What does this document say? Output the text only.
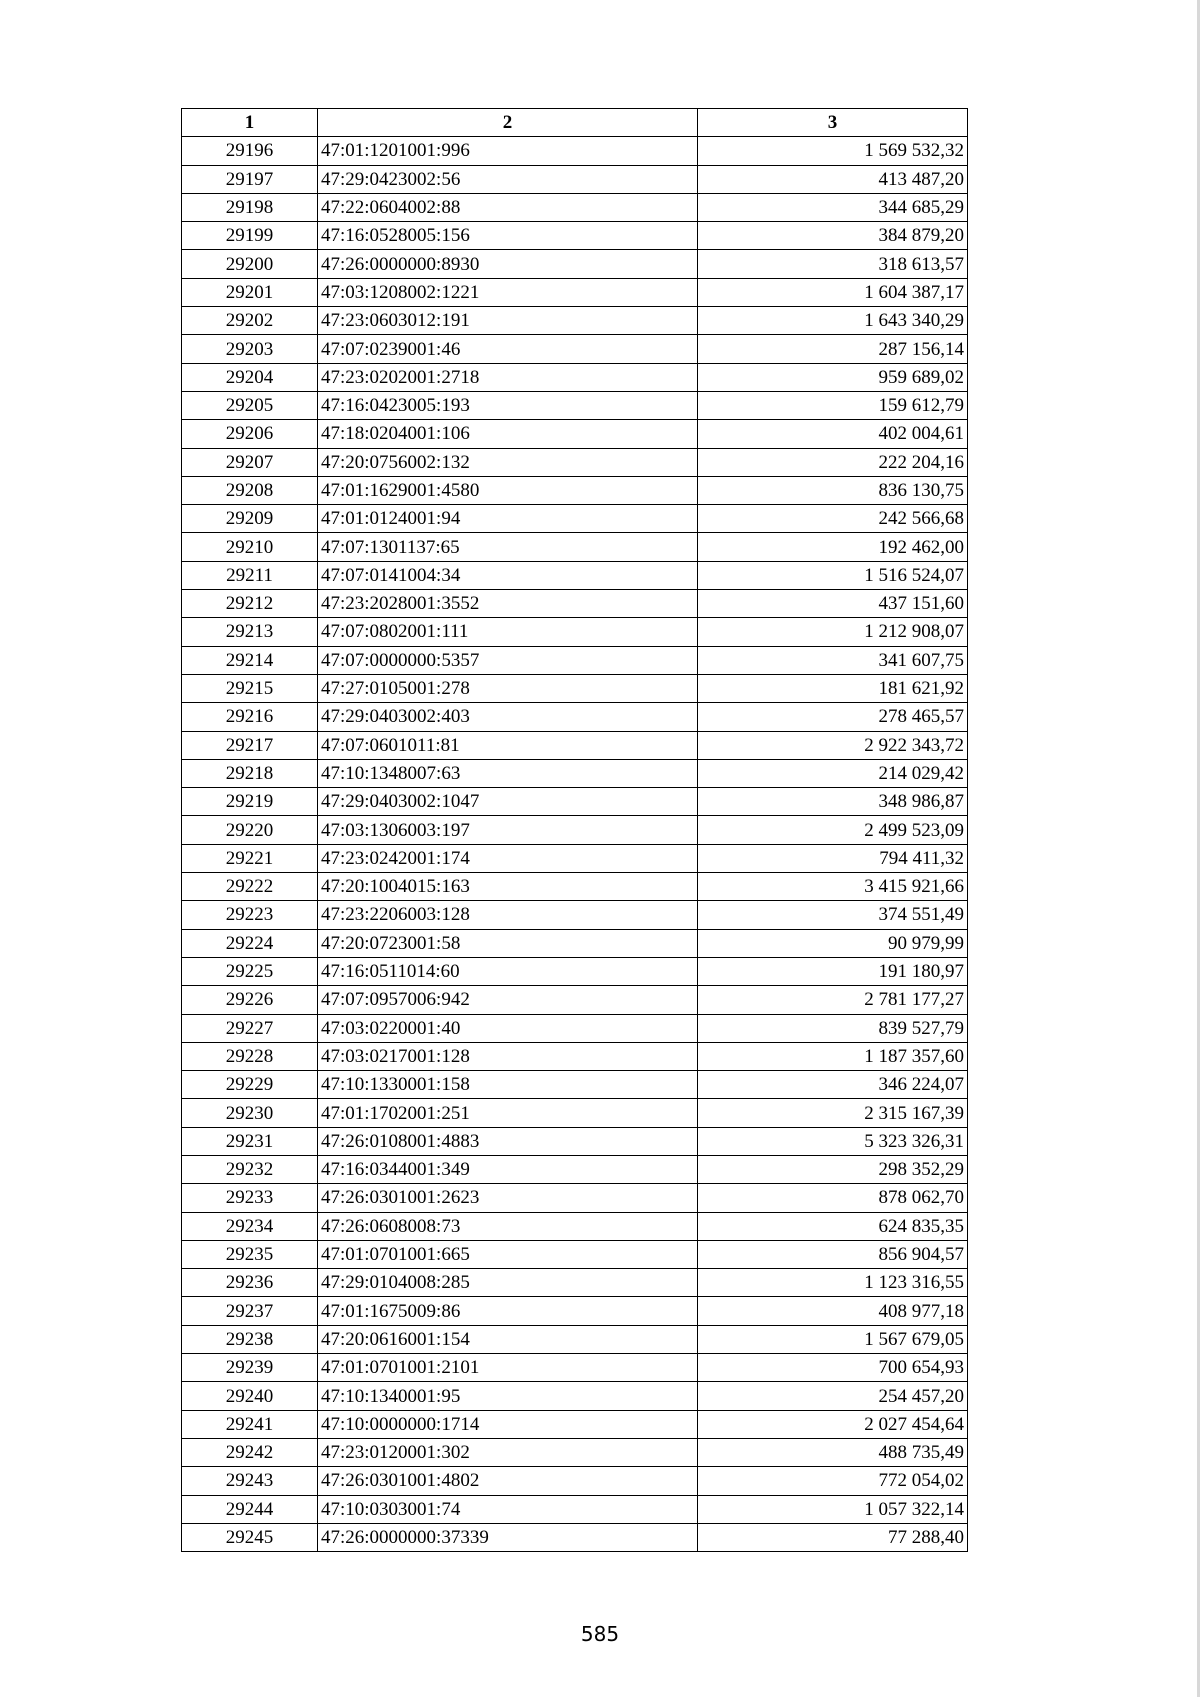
1	2	3
29196	47:01:1201001:996	1 569 532,32
29197	47:29:0423002:56	413 487,20
29198	47:22:0604002:88	344 685,29
29199	47:16:0528005:156	384 879,20
29200	47:26:0000000:8930	318 613,57
29201	47:03:1208002:1221	1 604 387,17
29202	47:23:0603012:191	1 643 340,29
29203	47:07:0239001:46	287 156,14
29204	47:23:0202001:2718	959 689,02
29205	47:16:0423005:193	159 612,79
29206	47:18:0204001:106	402 004,61
29207	47:20:0756002:132	222 204,16
29208	47:01:1629001:4580	836 130,75
29209	47:01:0124001:94	242 566,68
29210	47:07:1301137:65	192 462,00
29211	47:07:0141004:34	1 516 524,07
29212	47:23:2028001:3552	437 151,60
29213	47:07:0802001:111	1 212 908,07
29214	47:07:0000000:5357	341 607,75
29215	47:27:0105001:278	181 621,92
29216	47:29:0403002:403	278 465,57
29217	47:07:0601011:81	2 922 343,72
29218	47:10:1348007:63	214 029,42
29219	47:29:0403002:1047	348 986,87
29220	47:03:1306003:197	2 499 523,09
29221	47:23:0242001:174	794 411,32
29222	47:20:1004015:163	3 415 921,66
29223	47:23:2206003:128	374 551,49
29224	47:20:0723001:58	90 979,99
29225	47:16:0511014:60	191 180,97
29226	47:07:0957006:942	2 781 177,27
29227	47:03:0220001:40	839 527,79
29228	47:03:0217001:128	1 187 357,60
29229	47:10:1330001:158	346 224,07
29230	47:01:1702001:251	2 315 167,39
29231	47:26:0108001:4883	5 323 326,31
29232	47:16:0344001:349	298 352,29
29233	47:26:0301001:2623	878 062,70
29234	47:26:0608008:73	624 835,35
29235	47:01:0701001:665	856 904,57
29236	47:29:0104008:285	1 123 316,55
29237	47:01:1675009:86	408 977,18
29238	47:20:0616001:154	1 567 679,05
29239	47:01:0701001:2101	700 654,93
29240	47:10:1340001:95	254 457,20
29241	47:10:0000000:1714	2 027 454,64
29242	47:23:0120001:302	488 735,49
29243	47:26:0301001:4802	772 054,02
29244	47:10:0303001:74	1 057 322,14
29245	47:26:0000000:37339	77 288,40
585
